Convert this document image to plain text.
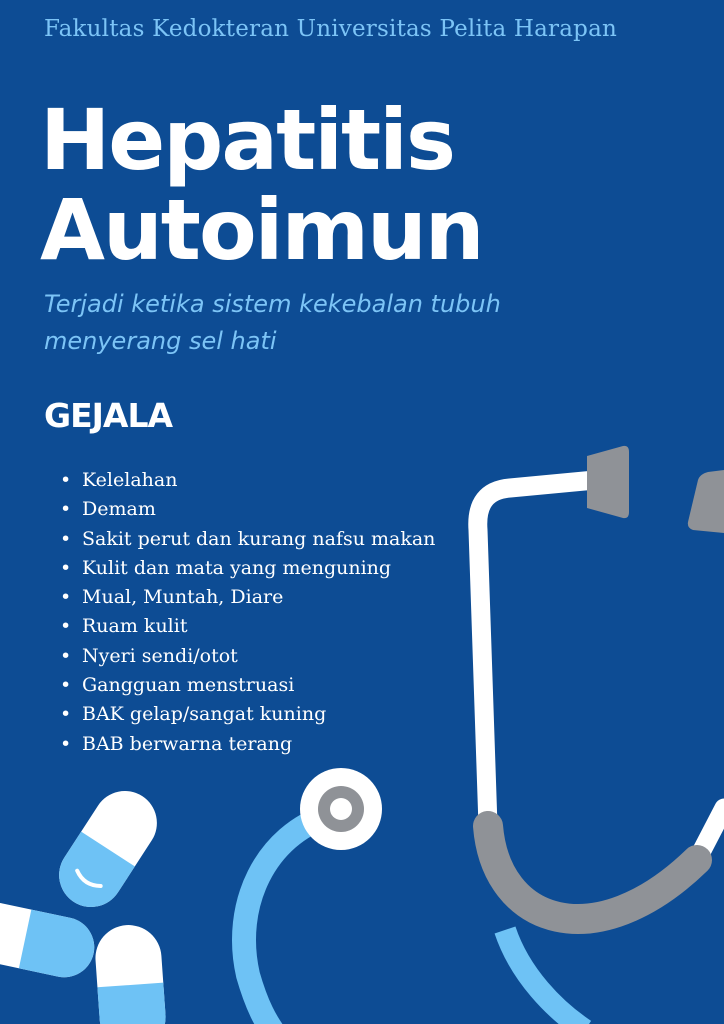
Fakultas Kedokteran Universitas Pelita Harapan
Hepatitis
Autoimun
Terjadi ketika sistem kekebalan tubuh
menyerang sel hati
GEJALA
• Kelelahan
• Demam
• Sakit perut dan kurang nafsu makan
• Kulit dan mata yang menguning
• Mual, Muntah, Diare
• Ruam kulit
• Nyeri sendi/otot
• Gangguan menstruasi
• BAK gelap/sangat kuning
• BAB berwarna terang
